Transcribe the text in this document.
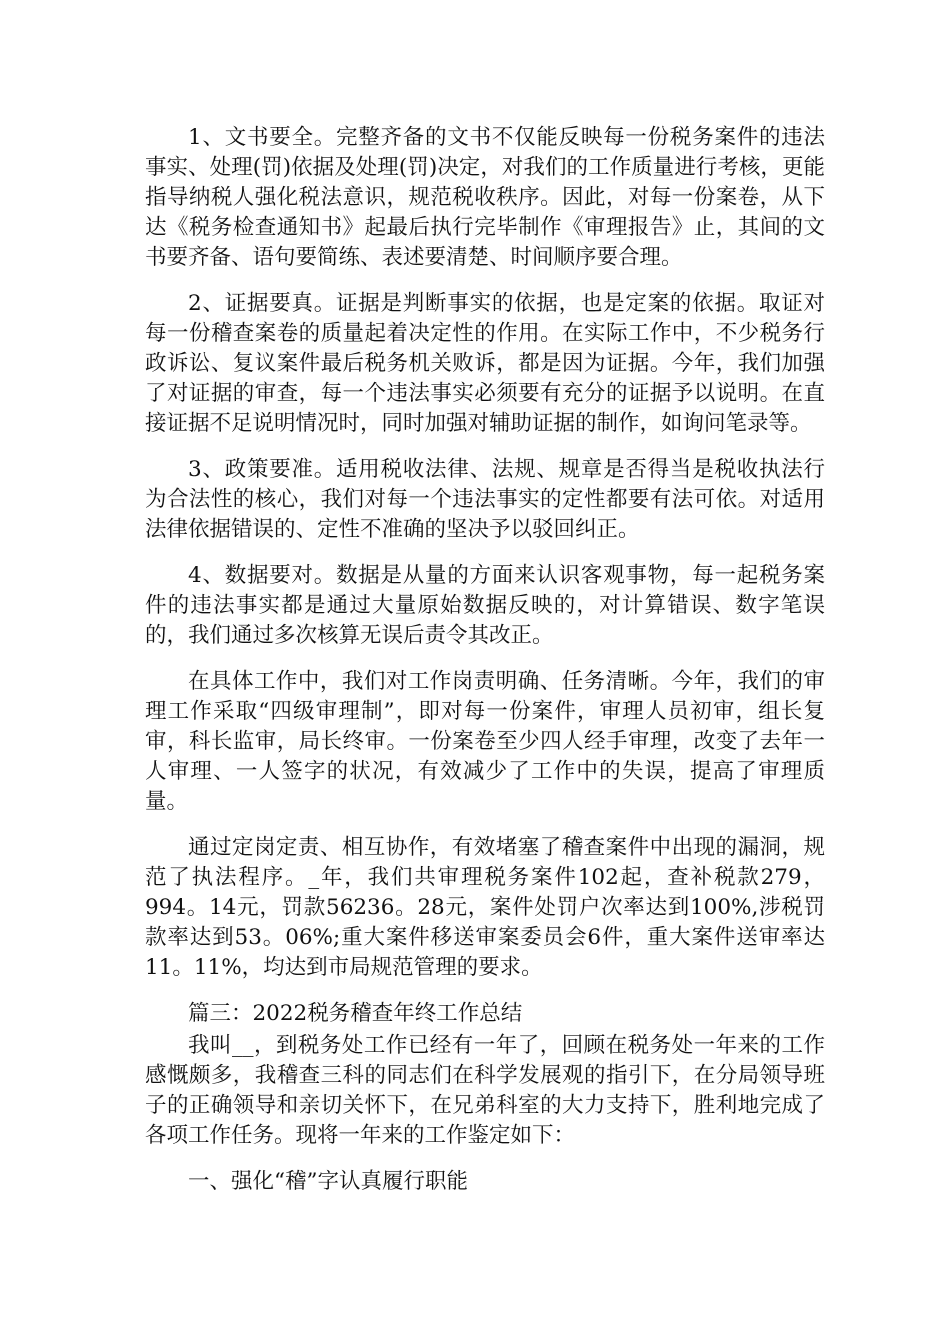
1、文书要全。完整齐备的文书不仅能反映每一份税务案件的违法事实、处理(罚)依据及处理(罚)决定，对我们的工作质量进行考核，更能指导纳税人强化税法意识，规范税收秩序。因此，对每一份案卷，从下达《税务检查通知书》起最后执行完毕制作《审理报告》止，其间的文书要齐备、语句要简练、表述要清楚、时间顺序要合理。

2、证据要真。证据是判断事实的依据，也是定案的依据。取证对每一份稽查案卷的质量起着决定性的作用。在实际工作中，不少税务行政诉讼、复议案件最后税务机关败诉，都是因为证据。今年，我们加强了对证据的审查，每一个违法事实必须要有充分的证据予以说明。在直接证据不足说明情况时，同时加强对辅助证据的制作，如询问笔录等。

3、政策要准。适用税收法律、法规、规章是否得当是税收执法行为合法性的核心，我们对每一个违法事实的定性都要有法可依。对适用法律依据错误的、定性不准确的坚决予以驳回纠正。

4、数据要对。数据是从量的方面来认识客观事物，每一起税务案件的违法事实都是通过大量原始数据反映的，对计算错误、数字笔误的，我们通过多次核算无误后责令其改正。

在具体工作中，我们对工作岗责明确、任务清晰。今年，我们的审理工作采取“四级审理制”，即对每一份案件，审理人员初审，组长复审，科长监审，局长终审。一份案卷至少四人经手审理，改变了去年一人审理、一人签字的状况，有效减少了工作中的失误，提高了审理质量。

通过定岗定责、相互协作，有效堵塞了稽查案件中出现的漏洞，规范了执法程序。_年，我们共审理税务案件102起，查补税款279，994。14元，罚款56236。28元，案件处罚户次率达到100%,涉税罚款率达到53。06%;重大案件移送审案委员会6件，重大案件送审率达11。11%，均达到市局规范管理的要求。

篇三：2022税务稽查年终工作总结

我叫__，到税务处工作已经有一年了，回顾在税务处一年来的工作感慨颇多，我稽查三科的同志们在科学发展观的指引下，在分局领导班子的正确领导和亲切关怀下，在兄弟科室的大力支持下，胜利地完成了各项工作任务。现将一年来的工作鉴定如下：

一、强化“稽”字认真履行职能
